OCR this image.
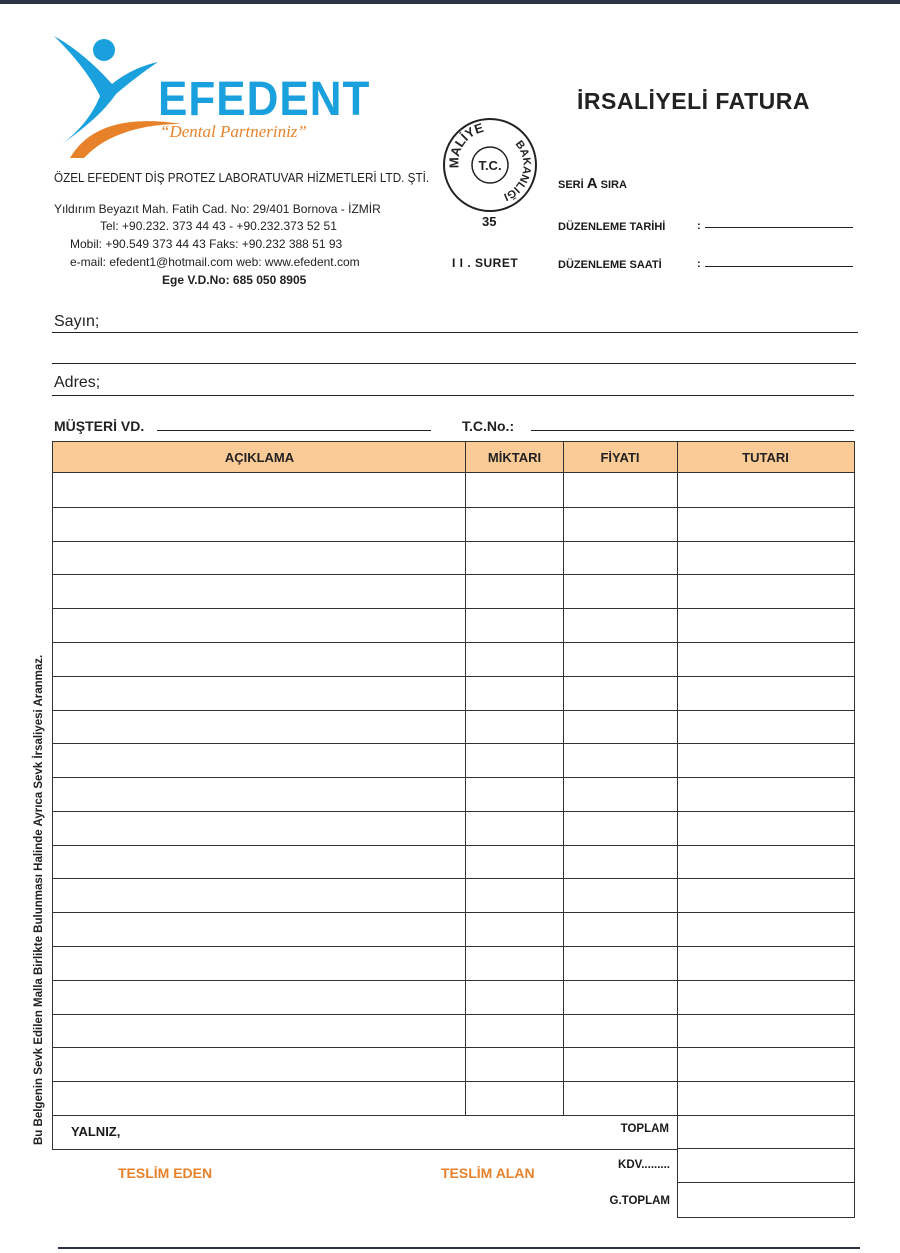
EFEDENT
“Dental Partneriniz”
ÖZEL EFEDENT DİŞ PROTEZ LABORATUVAR HİZMETLERİ LTD. ŞTİ.
Yıldırım Beyazıt Mah. Fatih Cad. No: 29/401 Bornova - İZMİR
Tel: +90.232. 373 44 43 - +90.232.373 52 51
Mobil: +90.549 373 44 43 Faks: +90.232 388 51 93
e-mail: efedent1@hotmail.com web: www.efedent.com
Ege V.D.No: 685 050 8905
MALİYE
BAKANLIĞI
T.C.
35
I I . SURET
İRSALİYELİ FATURA
SERİ A SIRA
DÜZENLEME TARİHİ	:
DÜZENLEME SAATİ	:
Sayın;
Adres;
MÜŞTERİ VD.	T.C.No.:
AÇIKLAMA	MİKTARI	FİYATI	TUTARI
Bu Belgenin Sevk Edilen Malla Birlikte Bulunması Halinde Ayrıca Sevk İrsaliyesi Aranmaz. YALNIZ,	TOPLAM
KDV.........
G.TOPLAM
TESLİM EDEN	TESLİM ALAN
